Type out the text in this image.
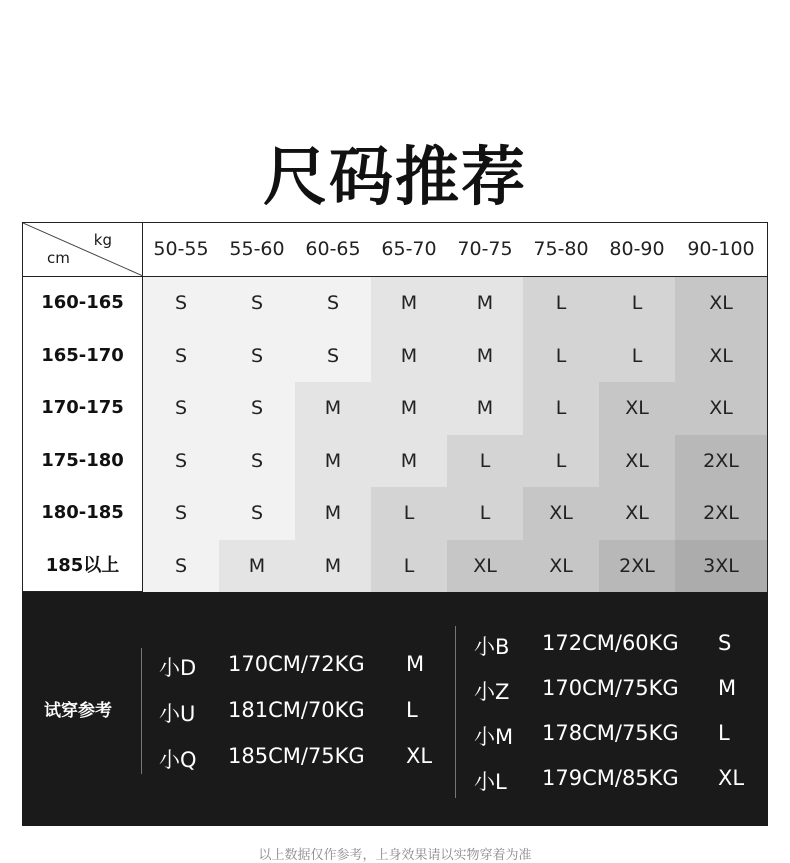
尺码推荐
kg
cm	50-55	55-60	60-65	65-70	70-75	75-80	80-90	90-100
160-165	S	S	S	M	M	L	L	XL
165-170	S	S	S	M	M	L	L	XL
170-175	S	S	M	M	M	L	XL	XL
175-180	S	S	M	M	L	L	XL	2XL
180-185	S	S	M	L	L	XL	XL	2XL
185以上	S	M	M	L	XL	XL	2XL	3XL
试穿参考
小D 170CM/72KG M
小U 181CM/70KG L
小Q 185CM/75KG XL
小B 172CM/60KG S
小Z 170CM/75KG M
小M 178CM/75KG L
小L 179CM/85KG XL
以上数据仅作参考，上身效果请以实物穿着为准
